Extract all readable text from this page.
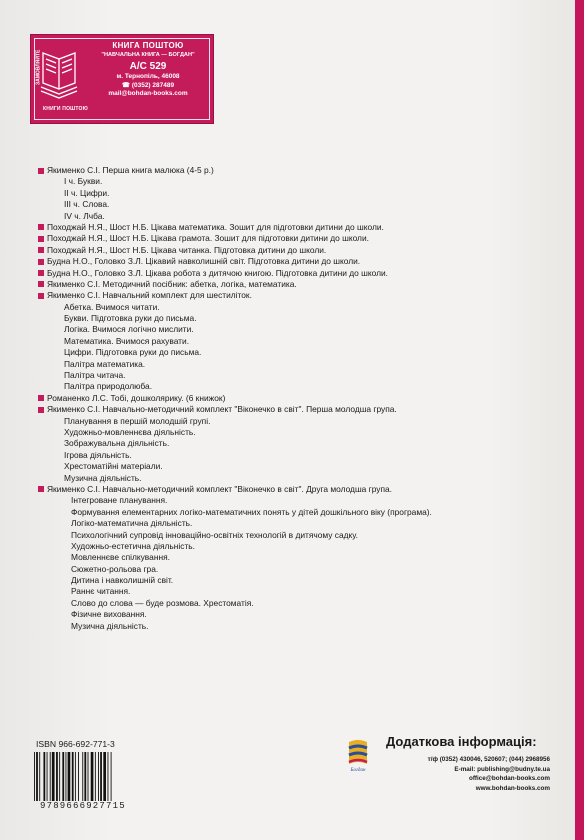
ЗАМОВЛЯЙТЕ
КНИГИ ПОШТОЮ
КНИГА ПОШТОЮ
"НАВЧАЛЬНА КНИГА — БОГДАН"
А/С 529
м. Тернопіль, 46008
☎ (0352) 287489
mail@bohdan-books.com
Якименко С.І. Перша книга малюка (4-5 р.)
І ч. Букви.
ІІ ч. Цифри.
ІІІ ч. Слова.
ІV ч. Лчба.
Походжай Н.Я., Шост Н.Б. Цікава математика. Зошит для підготовки дитини до школи.
Походжай Н.Я., Шост Н.Б. Цікава грамота. Зошит для підготовки дитини до школи.
Походжай Н.Я., Шост Н.Б. Цікава читанка. Підготовка дитини до школи.
Будна Н.О., Головко З.Л. Цікавий навколишній світ. Підготовка дитини до школи.
Будна Н.О., Головко З.Л. Цікава робота з дитячою книгою. Підготовка дитини до школи.
Якименко С.І. Методичний посібник: абетка, логіка, математика.
Якименко С.І. Навчальний комплект для шестиліток.
Абетка. Вчимося читати.
Букви. Підготовка руки до письма.
Логіка. Вчимося логічно мислити.
Математика. Вчимося рахувати.
Цифри. Підготовка руки до письма.
Палітра математика.
Палітра читача.
Палітра природолюба.
Романенко Л.С. Тобі, дошколярику. (6 книжок)
Якименко С.І. Навчально-методичний комплект "Віконечко в світ". Перша молодша група.
Планування в першій молодшій групі.
Художньо-мовленнєва діяльність.
Зображувальна діяльність.
Ігрова діяльність.
Хрестоматійні матеріали.
Музична діяльність.
Якименко С.І. Навчально-методичний комплект "Віконечко в світ". Друга молодша група.
Інтегроване планування.
Формування елементарних логіко-математичних понять у дітей дошкільного віку (програма).
Логіко-математична діяльність.
Психологічний супровід інноваційно-освітніх технологій в дитячому садку.
Художньо-естетична діяльність.
Мовленнєве спілкування.
Сюжетно-рольова гра.
Дитина і навколишній світ.
Раннє читання.
Слово до слова — буде розмова. Хрестоматія.
Фізичне виховання.
Музична діяльність.
ISBN 966-692-771-3
9789666927715
Богдан
Додаткова інформація:
т/ф (0352) 430046, 520607; (044) 2968956
E-mail: publishing@budny.te.ua
office@bohdan-books.com
www.bohdan-books.com
